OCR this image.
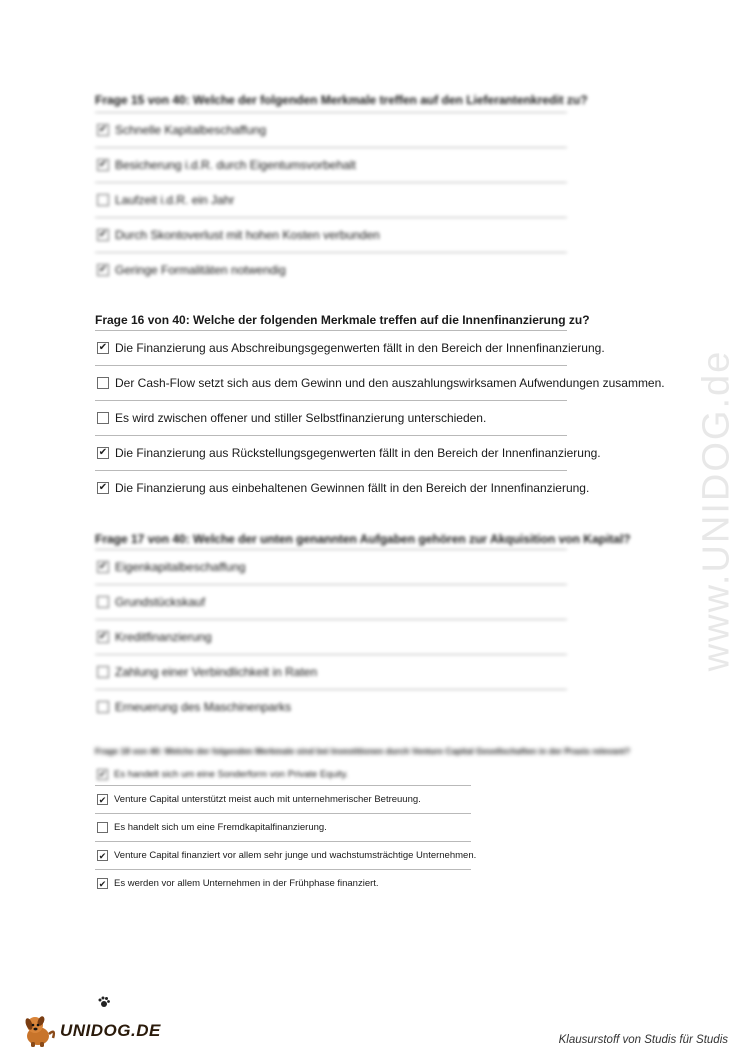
Frage 15 von 40: Welche der folgenden Merkmale treffen auf den Lieferantenkredit zu?

✔ Schnelle Kapitalbeschaffung
✔ Besicherung i.d.R. durch Eigentumsvorbehalt
Laufzeit i.d.R. ein Jahr
✔ Durch Skontoverlust mit hohen Kosten verbunden
✔ Geringe Formalitäten notwendig

Frage 16 von 40: Welche der folgenden Merkmale treffen auf die Innenfinanzierung zu?

✔ Die Finanzierung aus Abschreibungsgegenwerten fällt in den Bereich der Innenfinanzierung.
Der Cash-Flow setzt sich aus dem Gewinn und den auszahlungswirksamen Aufwendungen zusammen.
Es wird zwischen offener und stiller Selbstfinanzierung unterschieden.
✔ Die Finanzierung aus Rückstellungsgegenwerten fällt in den Bereich der Innenfinanzierung.
✔ Die Finanzierung aus einbehaltenen Gewinnen fällt in den Bereich der Innenfinanzierung.

Frage 17 von 40: Welche der unten genannten Aufgaben gehören zur Akquisition von Kapital?

✔ Eigenkapitalbeschaffung
Grundstückskauf
✔ Kreditfinanzierung
Zahlung einer Verbindlichkeit in Raten
Erneuerung des Maschinenparks

Frage 18 von 40: Welche der folgenden Merkmale sind bei Investitionen durch Venture Capital Gesellschaften in der Praxis relevant?

✔ Es handelt sich um eine Sonderform von Private Equity.
✔ Venture Capital unterstützt meist auch mit unternehmerischer Betreuung.
Es handelt sich um eine Fremdkapitalfinanzierung.
✔ Venture Capital finanziert vor allem sehr junge und wachstumsträchtige Unternehmen.
✔ Es werden vor allem Unternehmen in der Frühphase finanziert.
www.UNIDOG.de
UNIDOG.DE	Klausurstoff von Studis für Studis
